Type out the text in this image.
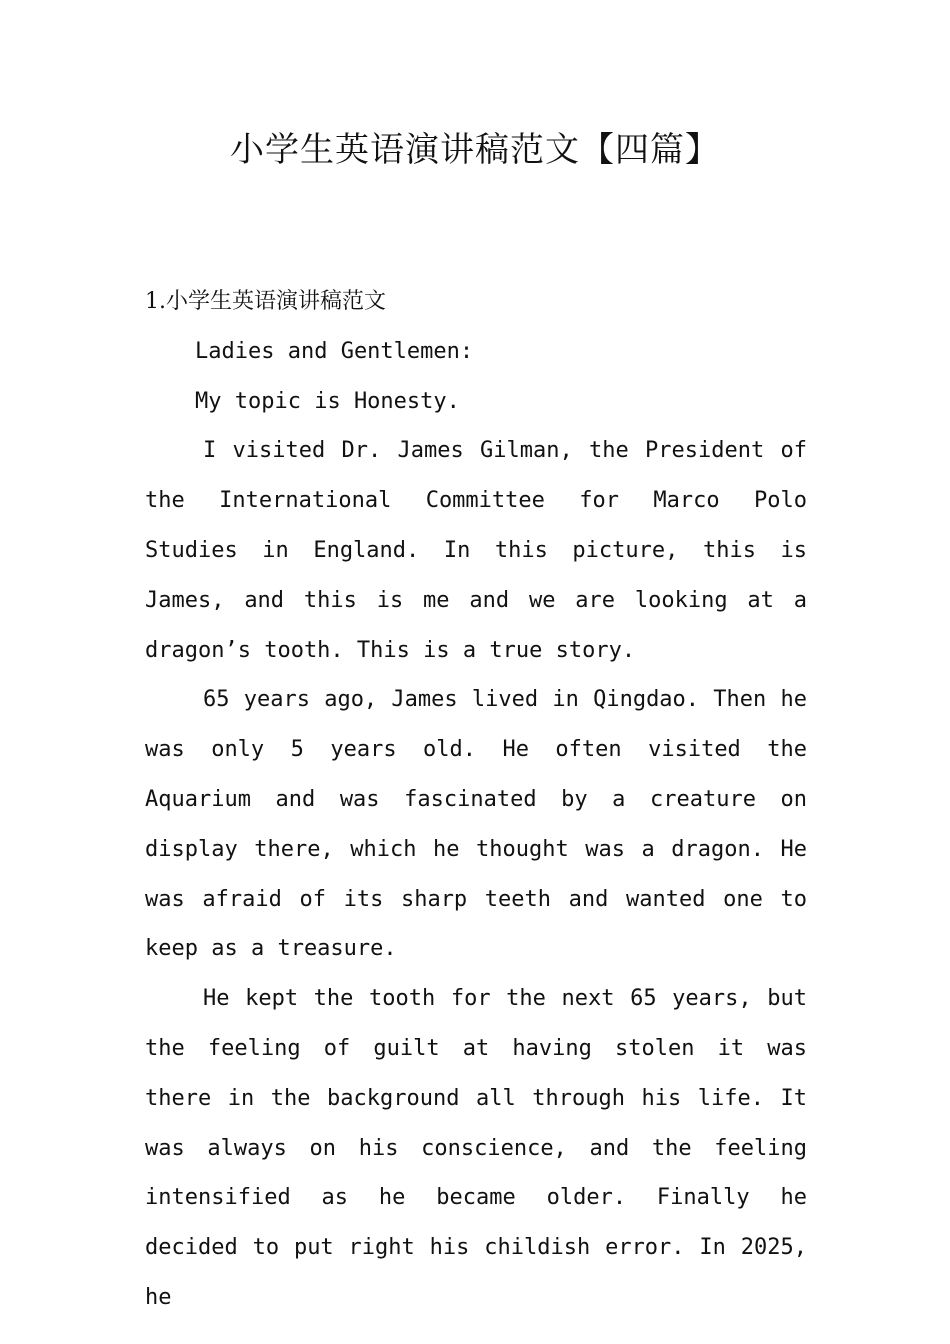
小学生英语演讲稿范文【四篇】

1.小学生英语演讲稿范文

Ladies and Gentlemen:

My topic is Honesty.

I visited Dr. James Gilman, the President of the International Committee for Marco Polo Studies in England. In this picture, this is James, and this is me and we are looking at a dragon’s tooth. This is a true story.

65 years ago, James lived in Qingdao. Then he was only 5 years old. He often visited the Aquarium and was fascinated by a creature on display there, which he thought was a dragon. He was afraid of its sharp teeth and wanted one to keep as a treasure.

He kept the tooth for the next 65 years, but the feeling of guilt at having stolen it was there in the background all through his life. It was always on his conscience, and the feeling intensified as he became older. Finally he decided to put right his childish error. In 2025, he
